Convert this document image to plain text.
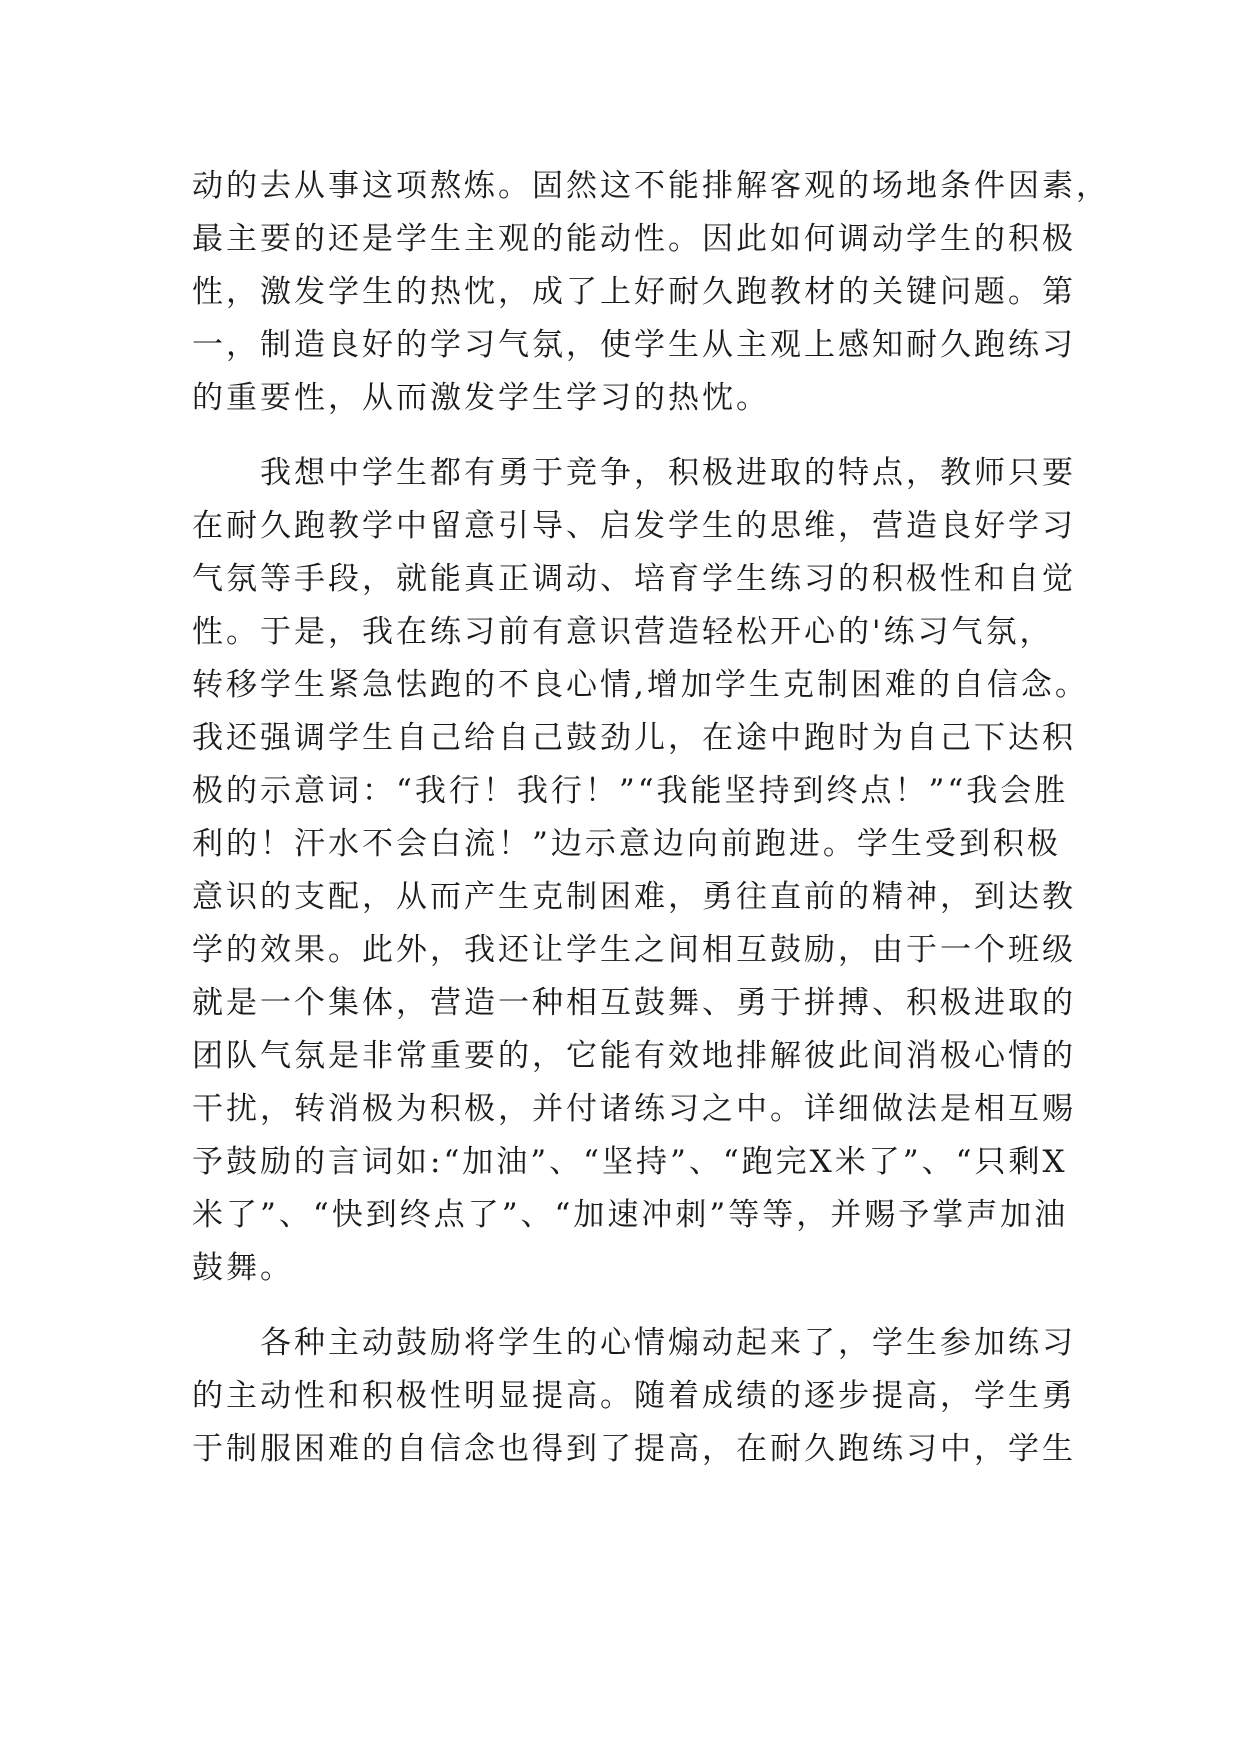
动的去从事这项熬炼。固然这不能排解客观的场地条件因素，
最主要的还是学生主观的能动性。因此如何调动学生的积极
性，激发学生的热忱，成了上好耐久跑教材的关键问题。第
一，制造良好的学习气氛，使学生从主观上感知耐久跑练习
的重要性，从而激发学生学习的热忱。
　　我想中学生都有勇于竞争，积极进取的特点，教师只要
在耐久跑教学中留意引导、启发学生的思维，营造良好学习
气氛等手段，就能真正调动、培育学生练习的积极性和自觉
性。于是，我在练习前有意识营造轻松开心的'练习气氛，
转移学生紧急怯跑的不良心情,增加学生克制困难的自信念。
我还强调学生自己给自己鼓劲儿，在途中跑时为自己下达积
极的示意词：“我行！我行！”“我能坚持到终点！”“我会胜
利的！汗水不会白流！”边示意边向前跑进。学生受到积极
意识的支配，从而产生克制困难，勇往直前的精神，到达教
学的效果。此外，我还让学生之间相互鼓励，由于一个班级
就是一个集体，营造一种相互鼓舞、勇于拼搏、积极进取的
团队气氛是非常重要的，它能有效地排解彼此间消极心情的
干扰，转消极为积极，并付诸练习之中。详细做法是相互赐
予鼓励的言词如:“加油”、“坚持”、“跑完X米了”、“只剩X
米了”、“快到终点了”、“加速冲刺”等等，并赐予掌声加油
鼓舞。
　　各种主动鼓励将学生的心情煽动起来了，学生参加练习
的主动性和积极性明显提高。随着成绩的逐步提高，学生勇
于制服困难的自信念也得到了提高，在耐久跑练习中，学生
